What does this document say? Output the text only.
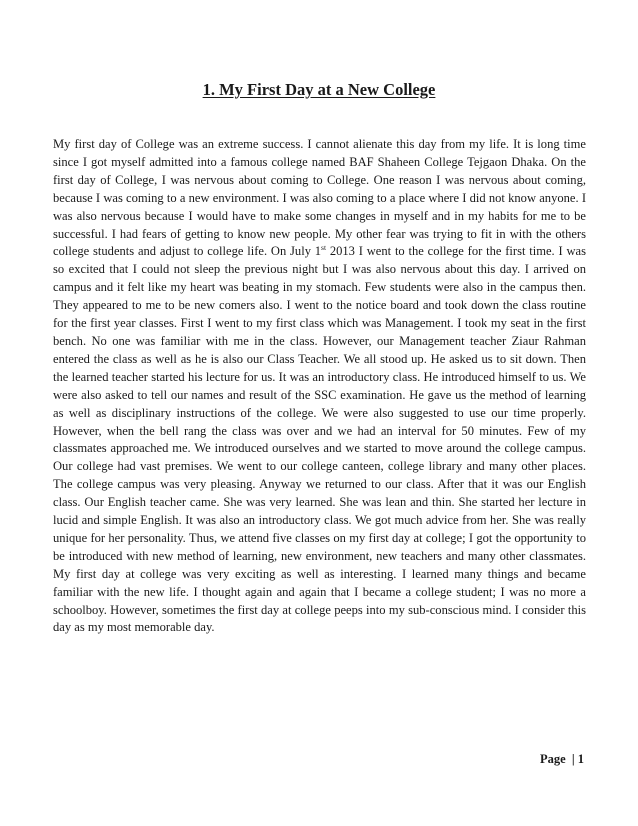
1. My First Day at a New College

My first day of College was an extreme success. I cannot alienate this day from my life. It is long time since I got myself admitted into a famous college named BAF Shaheen College Tejgaon Dhaka. On the first day of College, I was nervous about coming to College. One reason I was nervous about coming, because I was coming to a new environment. I was also coming to a place where I did not know anyone. I was also nervous because I would have to make some changes in myself and in my habits for me to be successful. I had fears of getting to know new people. My other fear was trying to fit in with the others college students and adjust to college life. On July 1st 2013 I went to the college for the first time. I was so excited that I could not sleep the previous night but I was also nervous about this day. I arrived on campus and it felt like my heart was beating in my stomach. Few students were also in the campus then. They appeared to me to be new comers also. I went to the notice board and took down the class routine for the first year classes. First I went to my first class which was Management. I took my seat in the first bench. No one was familiar with me in the class. However, our Management teacher Ziaur Rahman entered the class as well as he is also our Class Teacher. We all stood up. He asked us to sit down. Then the learned teacher started his lecture for us. It was an introductory class. He introduced himself to us. We were also asked to tell our names and result of the SSC examination. He gave us the method of learning as well as disciplinary instructions of the college. We were also suggested to use our time properly. However, when the bell rang the class was over and we had an interval for 50 minutes. Few of my classmates approached me. We introduced ourselves and we started to move around the college campus. Our college had vast premises. We went to our college canteen, college library and many other places. The college campus was very pleasing. Anyway we returned to our class. After that it was our English class. Our English teacher came. She was very learned. She was lean and thin. She started her lecture in lucid and simple English. It was also an introductory class. We got much advice from her. She was really unique for her personality. Thus, we attend five classes on my first day at college; I got the opportunity to be introduced with new method of learning, new environment, new teachers and many other classmates. My first day at college was very exciting as well as interesting. I learned many things and became familiar with the new life. I thought again and again that I became a college student; I was no more a schoolboy. However, sometimes the first day at college peeps into my sub-conscious mind. I consider this day as my most memorable day.

Page  | 1
